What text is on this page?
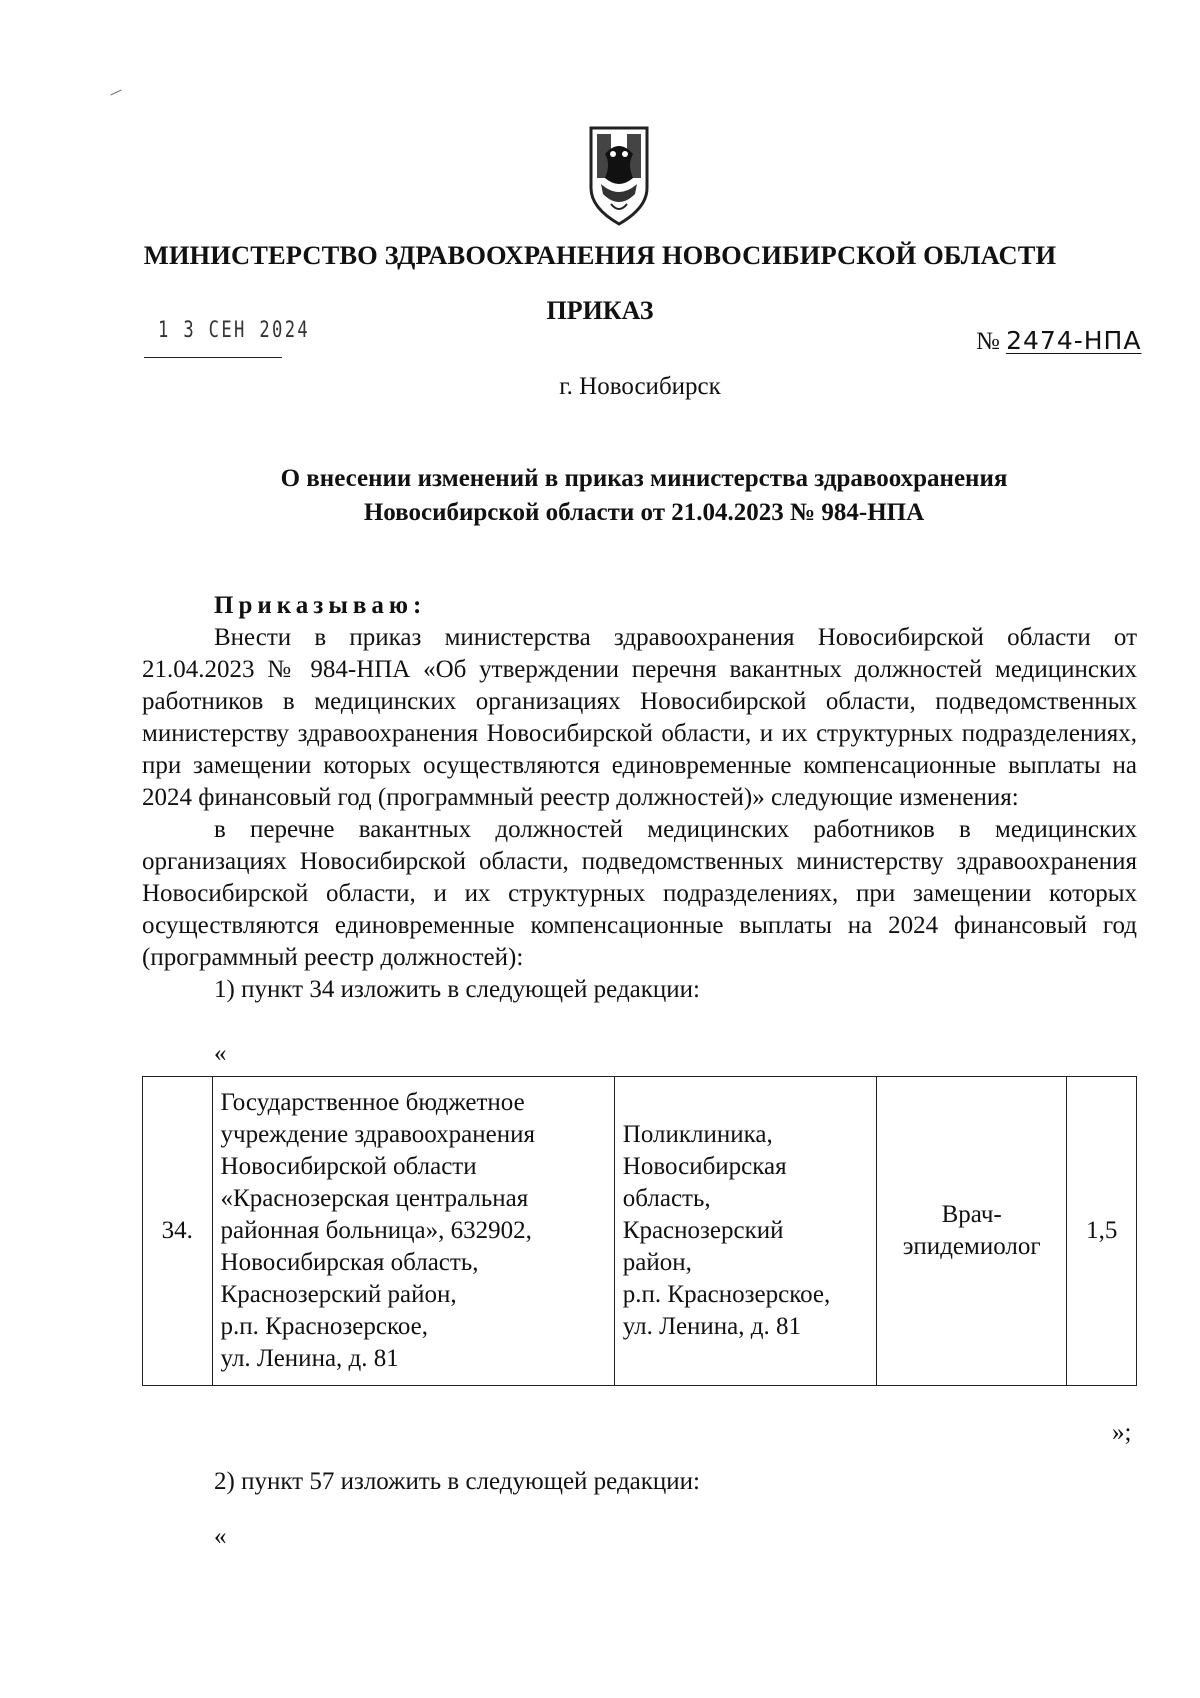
МИНИСТЕРСТВО ЗДРАВООХРАНЕНИЯ НОВОСИБИРСКОЙ ОБЛАСТИ
ПРИКАЗ
1 3 СЕН 2024	№ 2474-НПА
г. Новосибирск
О внесении изменений в приказ министерства здравоохранения
Новосибирской области от 21.04.2023 № 984-НПА
Приказываю:
Внести в приказ министерства здравоохранения Новосибирской области от 21.04.2023 № 984-НПА «Об утверждении перечня вакантных должностей медицинских работников в медицинских организациях Новосибирской области, подведомственных министерству здравоохранения Новосибирской области, и их структурных подразделениях, при замещении которых осуществляются единовременные компенсационные выплаты на 2024 финансовый год (программный реестр должностей)» следующие изменения:
в перечне вакантных должностей медицинских работников в медицинских организациях Новосибирской области, подведомственных министерству здравоохранения Новосибирской области, и их структурных подразделениях, при замещении которых осуществляются единовременные компенсационные выплаты на 2024 финансовый год (программный реестр должностей):
1) пункт 34 изложить в следующей редакции:
«
34.	Государственное бюджетное
учреждение здравоохранения
Новосибирской области
«Краснозерская центральная
районная больница», 632902,
Новосибирская область,
Краснозерский район,
р.п. Краснозерское,
ул. Ленина, д. 81	Поликлиника,
Новосибирская
область,
Краснозерский
район,
р.п. Краснозерское,
ул. Ленина, д. 81	Врач-
эпидемиолог	1,5
»;
2) пункт 57 изложить в следующей редакции:
«
